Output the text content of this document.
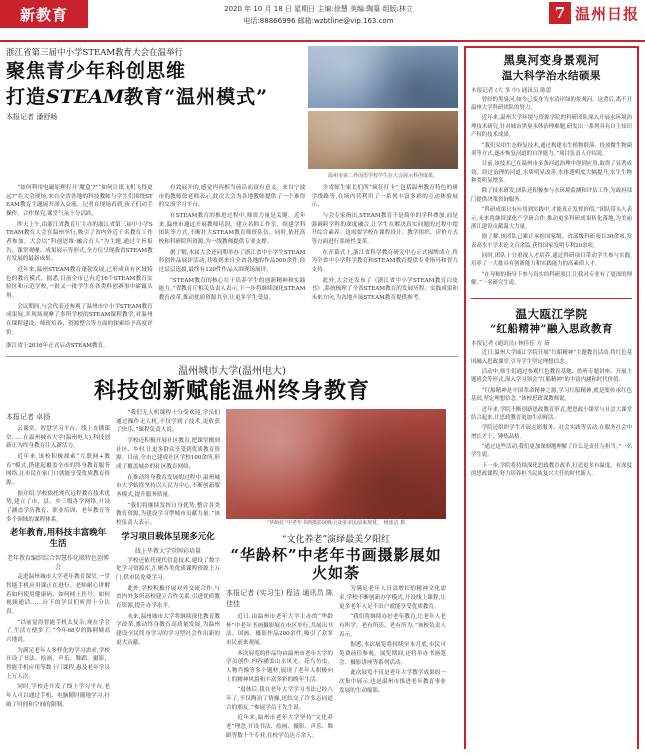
新教育	2020 年 10 月 18 日 星期日 主编:徐慧 美编:陶篁 组版:林立
电话:88866996 邮箱:wzbtline@vip.163.com	7 温州日报
浙江省第三届中小学STEAM教育大会在温举行
聚焦青少年科创思维
打造STEAM教育“温州模式”
本报记者 潘舒畅
温州市第二外国语学校学生在大会展示科创成果。

“如何利用电磁原理打开‘魔盒’?”“如何让纸飞机飞得更远?”在大会现场,来自全省各地的科技教师与学生们围绕STEAM教育主题展开深入交流。记者在现场看到,孩子们动手操作、合作探究,课堂气氛十分活跃。

昨天上午,由浙江省教育厅主办的浙江省第三届中小学STEAM教育大会在温州举行,吸引了省内外近千名教育工作者参加。大会以“科创思维·融合育人”为主题,通过主旨报告、课堂观摩、成果展示等形式,全方位呈现我省STEAM教育发展的最新成果。

近年来,温州STEAM教育蓬勃发展,已形成具有区域特色的教育模式。据悉,目前全市已有近16个STEAM教育实验区和示范学校,一批又一批学生在各类科创赛事中崭露头角。

会议期间,与会代表还参观了温州市中小学STEAM教育成果展,并现场观摩了多所学校的STEAM课程教学,对温州在课程建设、师资培养、资源整合等方面的探索给予高度评价。

有效展开的,感觉内容相当前沿而富有意义。来自宁波市的教师徐老师表示,此次大会为各地教师提供了一个难得的交流学习平台。

在STEAM教育的推进过程中,师资力量是关键。近年来,温州市通过开展教师培训、建立名师工作室、组建学科团队等方式,不断壮大STEAM教育师资队伍。同时,依托高校和科研院所资源,为一线教师提供专业支撑。

据了解,本届大会还同期举办了浙江省中小学生STEAM科创作品展评活动,共收到来自全省各地的作品500余件,经过层层选拔,最终有120件作品入围现场展评。

“STEAM教育的核心在于培养学生的创新精神和实践能力。”省教育厅相关负责人表示,下一步将继续深化STEAM教育改革,推动优质资源共享,让更多学生受益。

全省师生家长们所“疯狂打卡”,包括温州教育特色的研学线路等,在场内营利用了一系列丰富多彩的互动体验展示。

与会专家指出,STEAM教育不是简单的学科叠加,而是强调跨学科的深度融合,让学生在解决真实问题的过程中提升综合素养。这需要学校在课程设计、教学组织、评价方式等方面进行系统性变革。

在开幕式上,浙江省科学教育研究中心正式揭牌成立,将为全省中小学科学教育和STEAM教育提供专业指导和智力支持。

此外,大会还发布了《浙江省中小学STEAM教育白皮书》,系统梳理了全省STEAM教育的发展历程、实践成果和未来方向,为各地开展STEAM教育提供参考。

浙江省于2016年正式启动STEAM教育。
温州城市大学(温州电大)
科技创新赋能温州终身教育
本报记者 卓扬

云课堂、智慧学习平台、线上直播课堂……在温州城市大学(温州电大),科技创新正为终身教育注入新活力。

近年来,该校积极探索“互联网+教育”模式,搭建起覆盖全市的终身教育服务网络,让市民在家门口就能享受优质教育资源。

据介绍,学校依托现代远程教育技术优势,建立了市、县、乡三级办学网络,开设了涵盖学历教育、职业培训、老年教育等多个领域的课程体系。

老年教育,用科技丰富晚年生活
老年教育编织综合智慧作化联特色创博会

走进温州城市大学老年教育课堂,一堂智能手机应用课正在进行。老师耐心讲解着如何使用健康码、如何网上挂号、如何视频通话……台下的学员们听得十分认真。

“以前觉得智能手机太复杂,现在学会了,生活方便多了。”今年68岁的陈阿姨高兴地说。

为满足老年人多样化的学习需求,学校开设了书法、绘画、声乐、舞蹈、摄影、智能手机应用等数十门课程,惠及老年学员上万人次。

同时,学校还开发了线上学习平台,老年人可以通过手机、电脑随时随地学习,打破了时间和空间的限制。

“我们无人机课程十分受欢迎,学员们通过操作无人机,不仅学到了技术,更收获了快乐。”课程负责人说。

学校还积极开展社区教育,把课堂搬到社区、乡村,让更多群众享受到优质教育资源。目前,全市已建成社区学校100余所,形成了覆盖城乡的社区教育网络。

在推动终身教育发展的过程中,温州城市大学始终坚持以人民为中心,不断创新服务模式,提升服务质量。

“我们将继续发挥自身优势,整合各类教育资源,为建设学习型城市贡献力量。”该校负责人表示。

学习项目载体呈现多元化
线上毕教大学堂牌彩培量

学校还依托现代信息技术,建设了数字化学习资源库,汇聚各类优质课程资源上万门,供市民免费学习。

此外,学校积极开展对外交流合作,与省内外多所高校建立合作关系,引进优质教育资源,提升办学水平。

未来,温州城市大学将继续深化教育教学改革,推动终身教育高质量发展,为温州建设全民终身学习的学习型社会作出新的更大贡献。

“华龄红”中老年书画摄影展吸引众多市民前来观赏。 杨冰洁 摄
“文化养老”演绎最美夕阳红
“华龄杯”中老年书画摄影展如火如荼
本报记者 (实习生) 程洁 通讯员 陈佳佳

近日,由温州市老年大学主办的“华龄杯”中老年书画摄影展在市区举行,共展出书法、国画、摄影作品200余件,吸引了众多市民前来观展。

本次展览的作品均由温州市老年大学的学员创作,内容涵盖山水风光、花鸟鱼虫、人物肖像等多个题材,展现了老年人积极向上的精神风貌和丰富多彩的晚年生活。

“退休后,我在老年大学学习书法已经八年了,不仅陶冶了情操,还结交了许多志同道合的朋友。”参展学员王先生说。

近年来,温州市老年大学坚持“文化养老”理念,开设书法、绘画、摄影、声乐、舞蹈等数十个专业,在校学员达万余人。

为满足老年人日益增长的精神文化需求,学校不断创新办学模式,开设线上课程,让更多老年人足不出户就能享受优质教育。

“我们将继续办好老年教育,让老年人老有所学、老有所乐、老有所为。”该校负责人表示。

据悉,本次展览将持续至本月底,市民可免费前往参观。展览期间,还将举办书画笔会、摄影讲座等系列活动。

此次展览不仅是老年大学教学成果的一次集中展示,也是温州市推进老年教育事业发展的生动缩影。

黑臭河变身景观河
温大科学治水结硕果
本报记者 (大 多 中) 通讯员 陈蕾

曾经的黑臭河,如今已变身为水清岸绿的景观河。这背后,离不开温州大学科研团队的努力。

近年来,温州大学环境与资源学院的科研团队深入开展水环境治理技术研究,针对城市黑臭水体治理难题,研发出一系列具有自主知识产权的技术成果。

“我们采用生态修复技术,通过构建水生植物群落、投放微生物菌剂等方式,逐步恢复河道的自净能力。”项目负责人介绍说。

目前,该技术已在温州市多条河道治理中得到应用,取得了显著成效。经过治理的河道,水质明显改善,水体透明度大幅提升,水生生物种类明显增多。

除了技术研发,团队还积极参与水环境监测和评估工作,为政府部门提供决策咨询服务。

“科研成果只有应用到实践中,才能真正发挥价值。”团队带头人表示,未来将继续深化产学研合作,推动更多科研成果转化落地,为美丽浙江建设贡献温大力量。

据了解,该团队已累计承担国家级、省部级科研项目30余项,发表高水平学术论文百余篇,获得国家发明专利20余项。

同时,团队十分重视人才培养,通过科研项目带动学生参与实践,培养了一大批具有创新能力和实践能力的高素质人才。

“在导师的指导下参与真实的科研项目,让我对专业有了更深的理解。”一名研究生说。

温大瓯江学院
“红船精神”融入思政教育
本报记者 (通讯员) 林佳佳 方 茹

近日,温州大学瓯江学院开展“红船精神”主题教育活动,将红色基因融入思政课堂,引导学生坚定理想信念。

活动中,师生们通过参观红色教育基地、聆听专题讲座、开展主题班会等形式,深入学习领会“红船精神”的丰富内涵和时代价值。

“红船精神是中国革命精神之源,学习红船精神,就是要传承红色基因,坚定理想信念。”该校思政课教师说。

近年来,学院不断创新思政教育形式,把思政小课堂与社会大课堂结合起来,让思政教育更加生动鲜活。

学院还组织学生开展志愿服务、社会实践等活动,在服务社会中增长才干、锤炼品格。

“通过这些活动,我们更加深刻地理解了什么是责任与担当。”一名学生说。

下一步,学院将持续深化思政教育改革,打造更多有温度、有深度的思政课程,努力培养担当民族复兴大任的时代新人。
